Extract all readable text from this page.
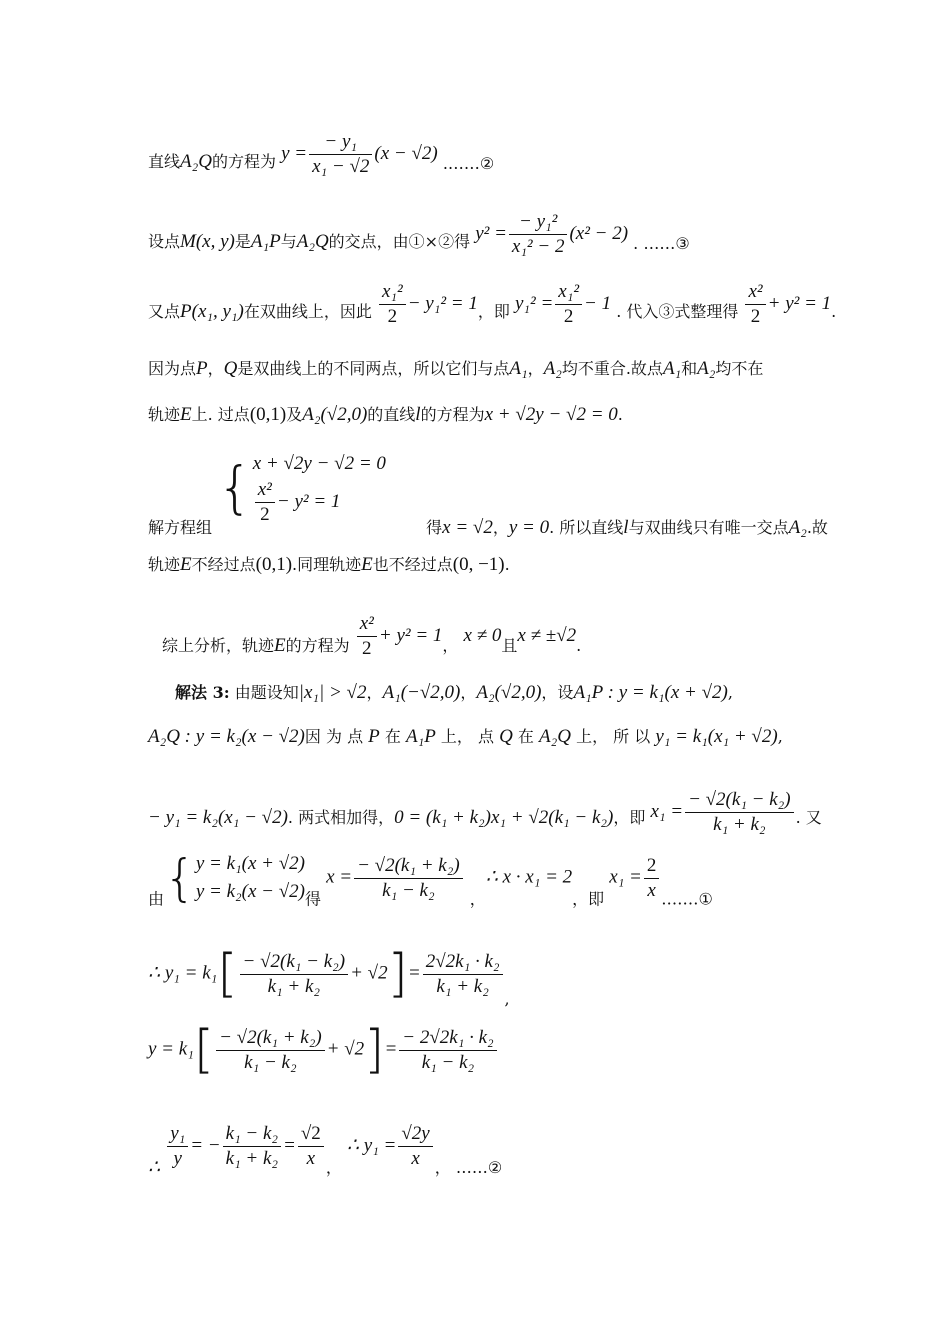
直线A₂Q的方程为 $y = \frac{\text{− y₁}}{\text{x₁ − √2}} (x - √2)$ .……②
设点M(x, y)是A₁P与A₂Q的交点，由①×②得 $y^2 = \frac{\text{− y₁²}}{\text{x₁² − 2}} (x^2 - 2)$ . ……③
又点P(x₁, y₁)在双曲线上，因此 $\frac{\text{x₁²}}{2} - y_1^2 = 1$，即 $y_1^2 = \frac{\text{x₁²}}{2} - 1$ . 代入③式整理得 $\frac{\text{x²}}{2} + y^2 = 1$.
因为点P，Q是双曲线上的不同两点，所以它们与点A₁，A₂均不重合.故点A₁和A₂均不在
轨迹E上. 过点(0,1)及A₂(√2,0)的直线l的方程为x + √2y − √2 = 0.
解方程组 { x + √2y − √2 = 0
$\frac{\text{x²}}{2} - y^2 = 1$
得x = √2，y = 0. 所以直线l与双曲线只有唯一交点A₂.故
轨迹E不经过点(0,1).同理轨迹E也不经过点(0, −1).
综上分析，轨迹E的方程为 $\frac{\text{x²}}{2} + y^2 = 1$， x ≠ 0且x ≠ ±√2.
解法 3: 由题设知|x₁| > √2，A₁(−√2,0)，A₂(√2,0)，设A₁P : y = k₁(x + √2),
A₂Q : y = k₂(x − √2)因 为 点 P 在 A₁P 上， 点 Q 在 A₂Q 上， 所 以 y₁ = k₁(x₁ + √2),
− y₁ = k₂(x₁ − √2). 两式相加得，0 = (k₁ + k₂)x₁ + √2(k₁ − k₂)，即 $x_1 = \frac{\text{− √2(k₁ − k₂)}}{\text{k₁ + k₂}}$ . 又
由{ y = k₁(x + √2)
y = k₂(x − √2) 得 $x = \frac{\text{− √2(k₁ + k₂)}}{\text{k₁ − k₂}}$ ，∴ x · x₁ = 2，即 $x_1 = \frac{2}{x}$ .……①
∴ $y_1 = k_1[ \frac{\text{− √2(k₁ − k₂)}}{\text{k₁ + k₂}} + √2]= \frac{\text{2√2k₁ · k₂}}{\text{k₁ + k₂}}$
,
$y = k_1[ \frac{\text{− √2(k₁ + k₂)}}{\text{k₁ − k₂}} + √2]= \frac{\text{− 2√2k₁ · k₂}}{\text{k₁ − k₂}}$
∴ $\frac{\text{y₁}}{y}$ = − $\frac{\text{k₁ − k₂}}{\text{k₁ + k₂}} = \frac{√2}{x}$ ， ∴ $y_1 = \frac{√2y}{x}$ ， ……②
